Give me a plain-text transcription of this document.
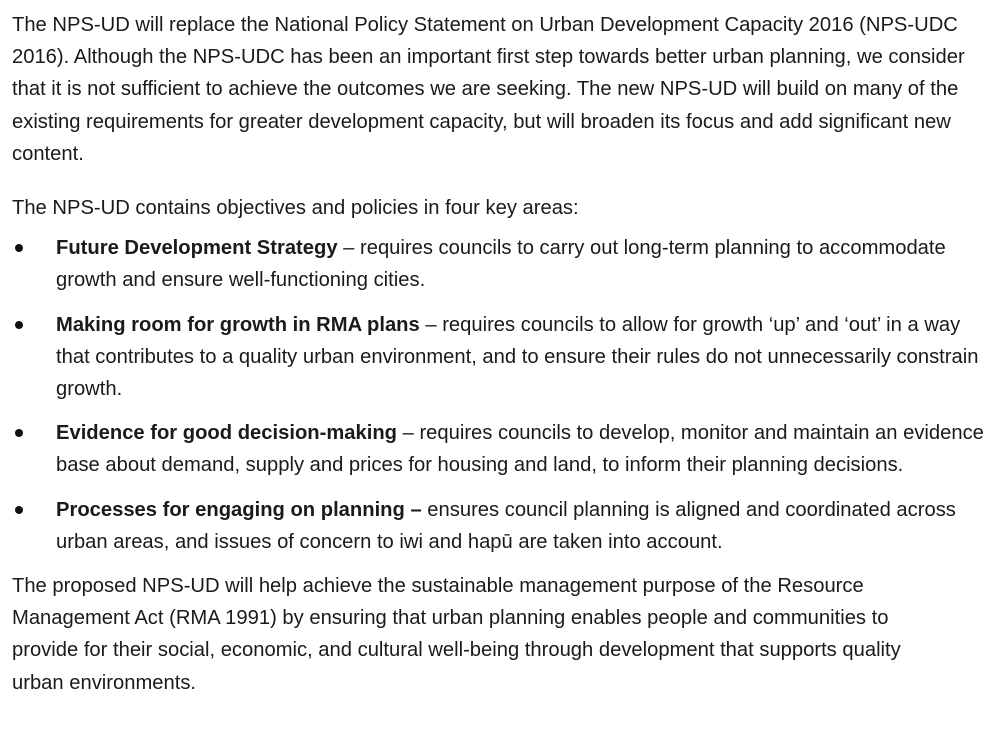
The NPS-UD will replace the National Policy Statement on Urban Development Capacity 2016 (NPS-UDC 2016). Although the NPS-UDC has been an important first step towards better urban planning, we consider that it is not sufficient to achieve the outcomes we are seeking. The new NPS-UD will build on many of the existing requirements for greater development capacity, but will broaden its focus and add significant new content.

The NPS-UD contains objectives and policies in four key areas:

Future Development Strategy – requires councils to carry out long-term planning to accommodate growth and ensure well-functioning cities.
Making room for growth in RMA plans – requires councils to allow for growth ‘up’ and ‘out’ in a way that contributes to a quality urban environment, and to ensure their rules do not unnecessarily constrain growth.
Evidence for good decision-making – requires councils to develop, monitor and maintain an evidence base about demand, supply and prices for housing and land, to inform their planning decisions.
Processes for engaging on planning – ensures council planning is aligned and coordinated across urban areas, and issues of concern to iwi and hapū are taken into account.

The proposed NPS-UD will help achieve the sustainable management purpose of the Resource Management Act (RMA 1991) by ensuring that urban planning enables people and communities to provide for their social, economic, and cultural well-being through development that supports quality urban environments.
